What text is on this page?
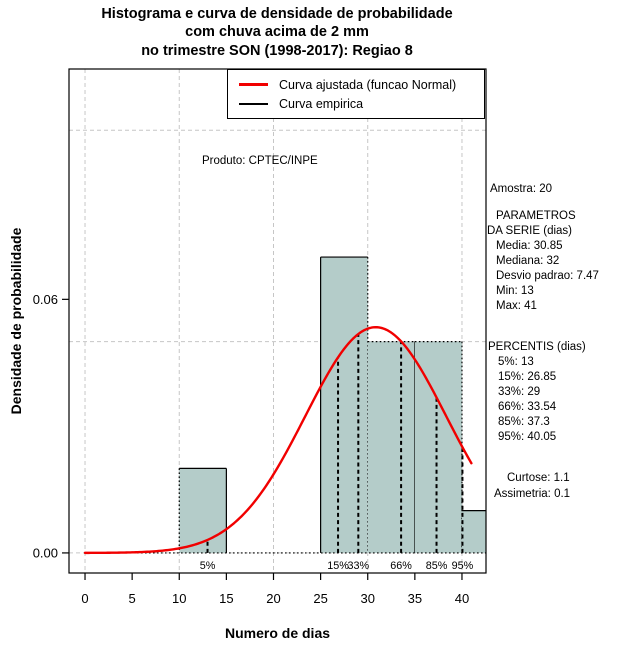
5%	15%
33% 66% 85% 95%
0	5	10	15	20	25	30	35	40
0.00
0.06
Histograma e curva de densidade de probabilidade
com chuva acima de 2 mm
no trimestre SON (1998-2017): Regiao 8
Densidade de probabilidade
Numero de dias
Curva ajustada (funcao Normal)
Curva empirica
Produto: CPTEC/INPE
Amostra: 20
PARAMETROS
DA SERIE (dias)
Media: 30.85
Mediana: 32
Desvio padrao: 7.47
Min: 13
Max: 41
PERCENTIS (dias)
5%: 13
15%: 26.85
33%: 29
66%: 33.54
85%: 37.3
95%: 40.05
Curtose: 1.1
Assimetria: 0.1
